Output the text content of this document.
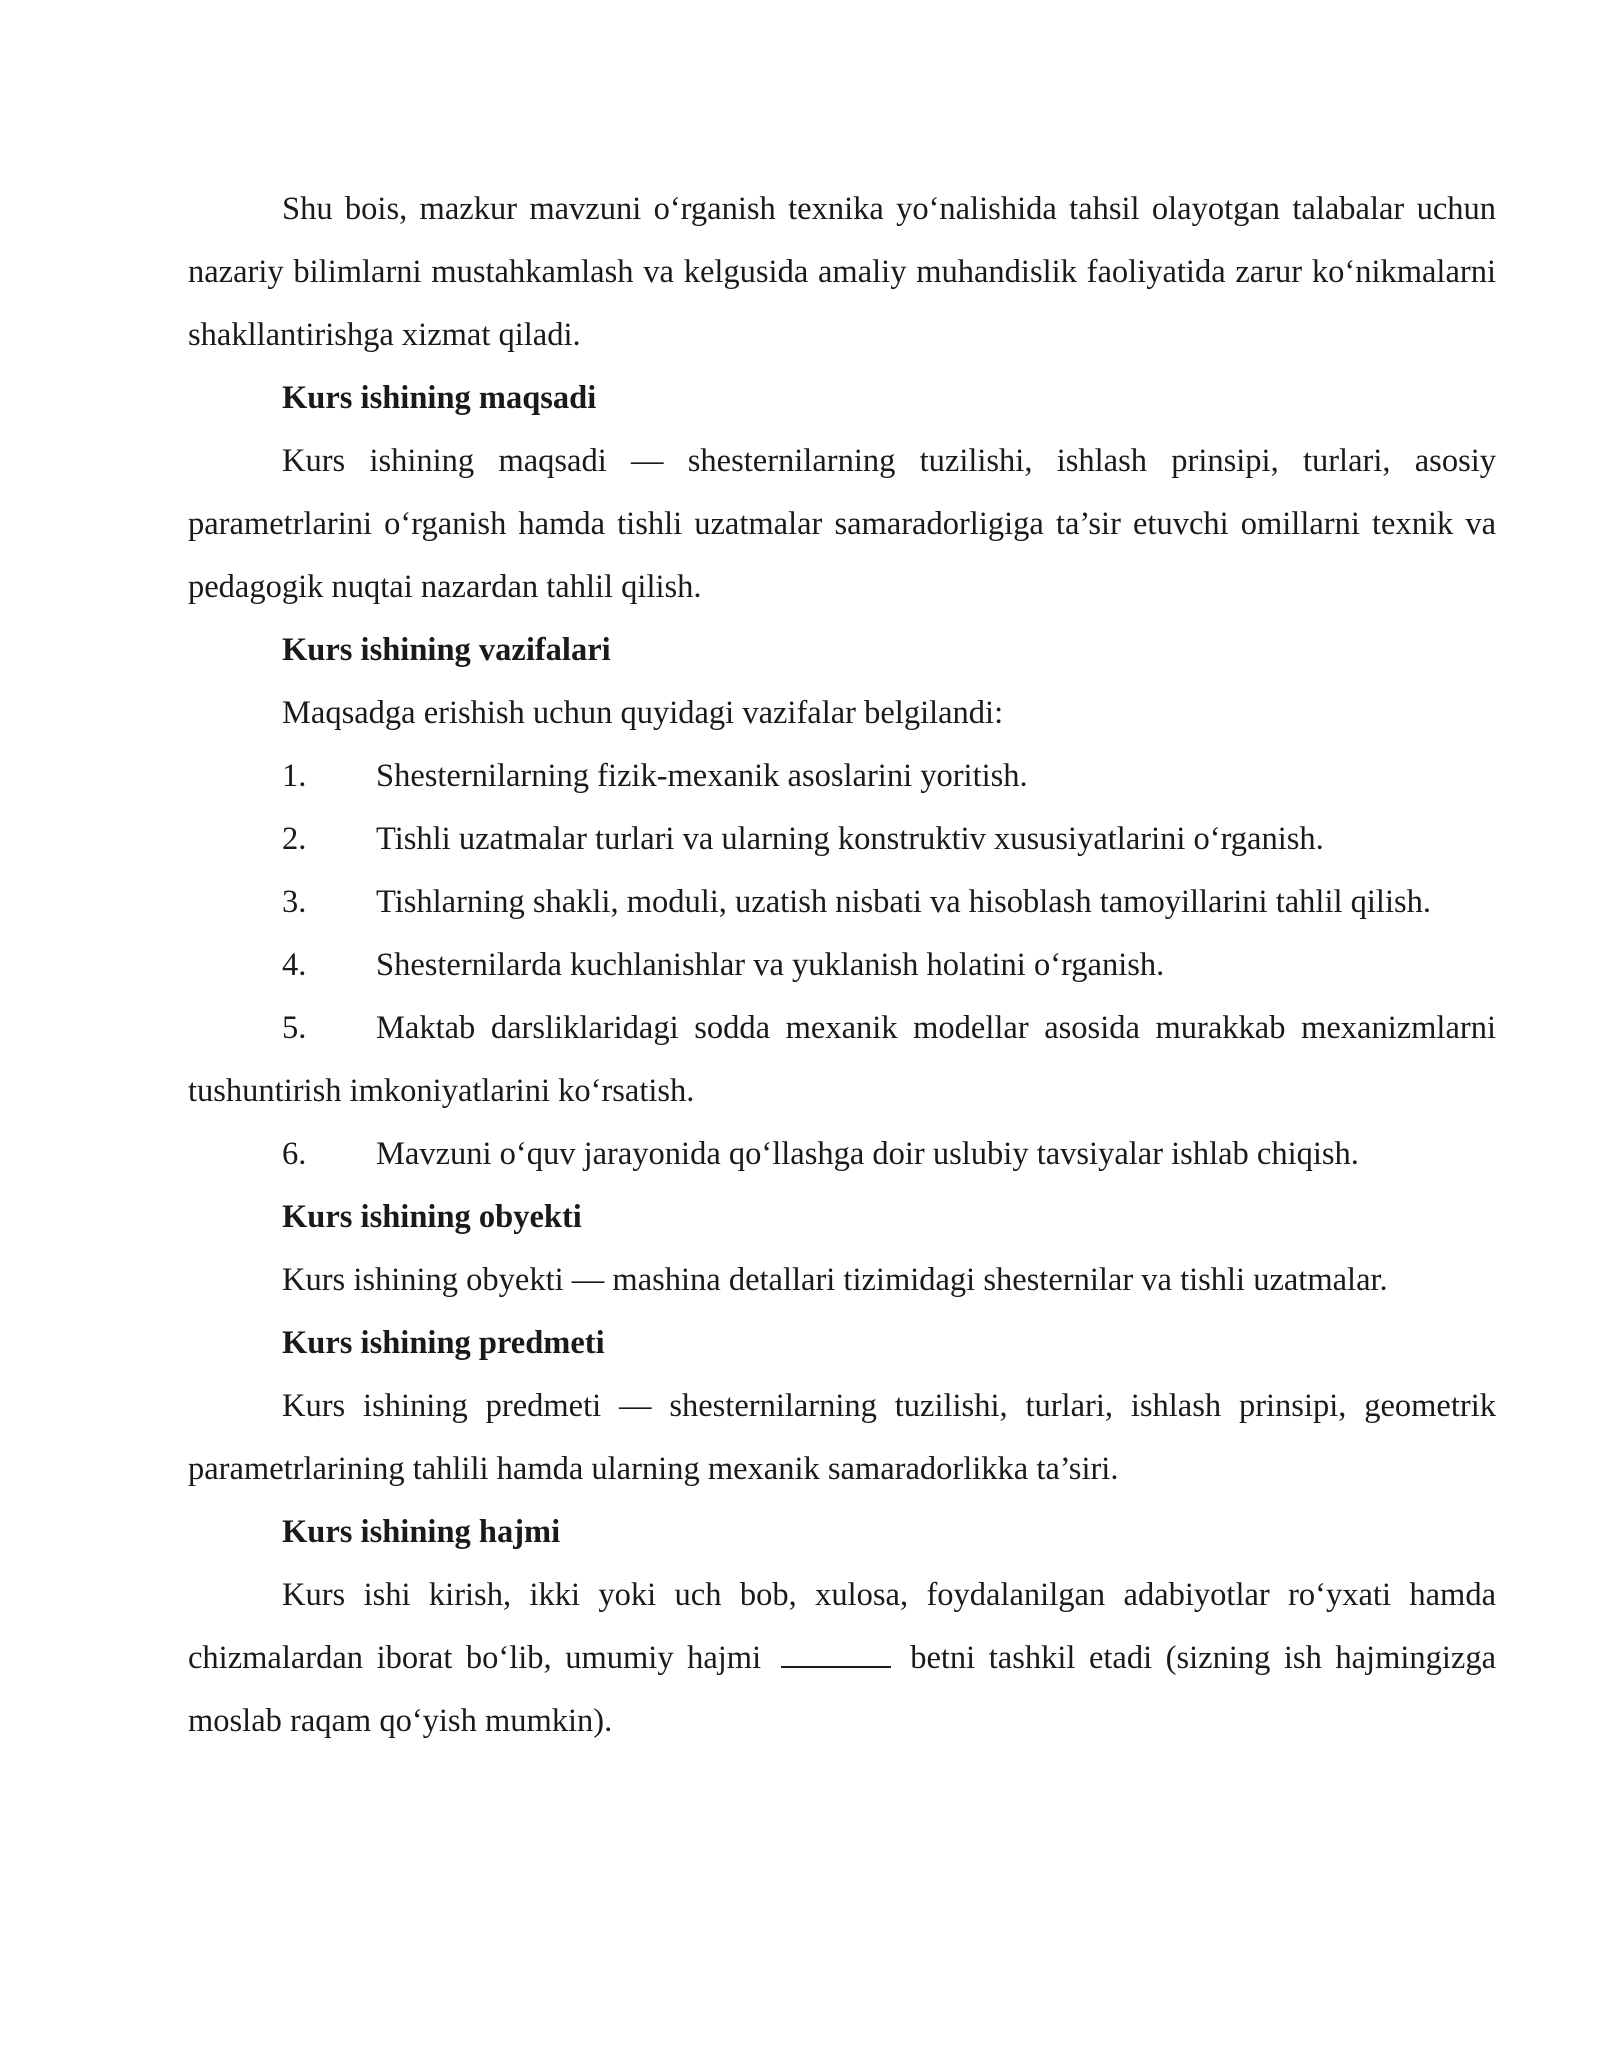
Shu bois, mazkur mavzuni o‘rganish texnika yo‘nalishida tahsil olayotgan talabalar uchun nazariy bilimlarni mustahkamlash va kelgusida amaliy muhandislik faoliyatida zarur ko‘nikmalarni shakllantirishga xizmat qiladi.

Kurs ishining maqsadi

Kurs ishining maqsadi — shesternilarning tuzilishi, ishlash prinsipi, turlari, asosiy parametrlarini o‘rganish hamda tishli uzatmalar samaradorligiga ta’sir etuvchi omillarni texnik va pedagogik nuqtai nazardan tahlil qilish.

Kurs ishining vazifalari

Maqsadga erishish uchun quyidagi vazifalar belgilandi:

1. Shesternilarning fizik-mexanik asoslarini yoritish.

2. Tishli uzatmalar turlari va ularning konstruktiv xususiyatlarini o‘rganish.

3. Tishlarning shakli, moduli, uzatish nisbati va hisoblash tamoyillarini tahlil qilish.

4. Shesternilarda kuchlanishlar va yuklanish holatini o‘rganish.

5. Maktab darsliklaridagi sodda mexanik modellar asosida murakkab mexanizmlarni tushuntirish imkoniyatlarini ko‘rsatish.

6. Mavzuni o‘quv jarayonida qo‘llashga doir uslubiy tavsiyalar ishlab chiqish.

Kurs ishining obyekti

Kurs ishining obyekti — mashina detallari tizimidagi shesternilar va tishli uzatmalar.

Kurs ishining predmeti

Kurs ishining predmeti — shesternilarning tuzilishi, turlari, ishlash prinsipi, geometrik parametrlarining tahlili hamda ularning mexanik samaradorlikka ta’siri.

Kurs ishining hajmi

Kurs ishi kirish, ikki yoki uch bob, xulosa, foydalanilgan adabiyotlar ro‘yxati hamda chizmalardan iborat bo‘lib, umumiy hajmi	betni tashkil etadi (sizning ish hajmingizga moslab raqam qo‘yish mumkin).
